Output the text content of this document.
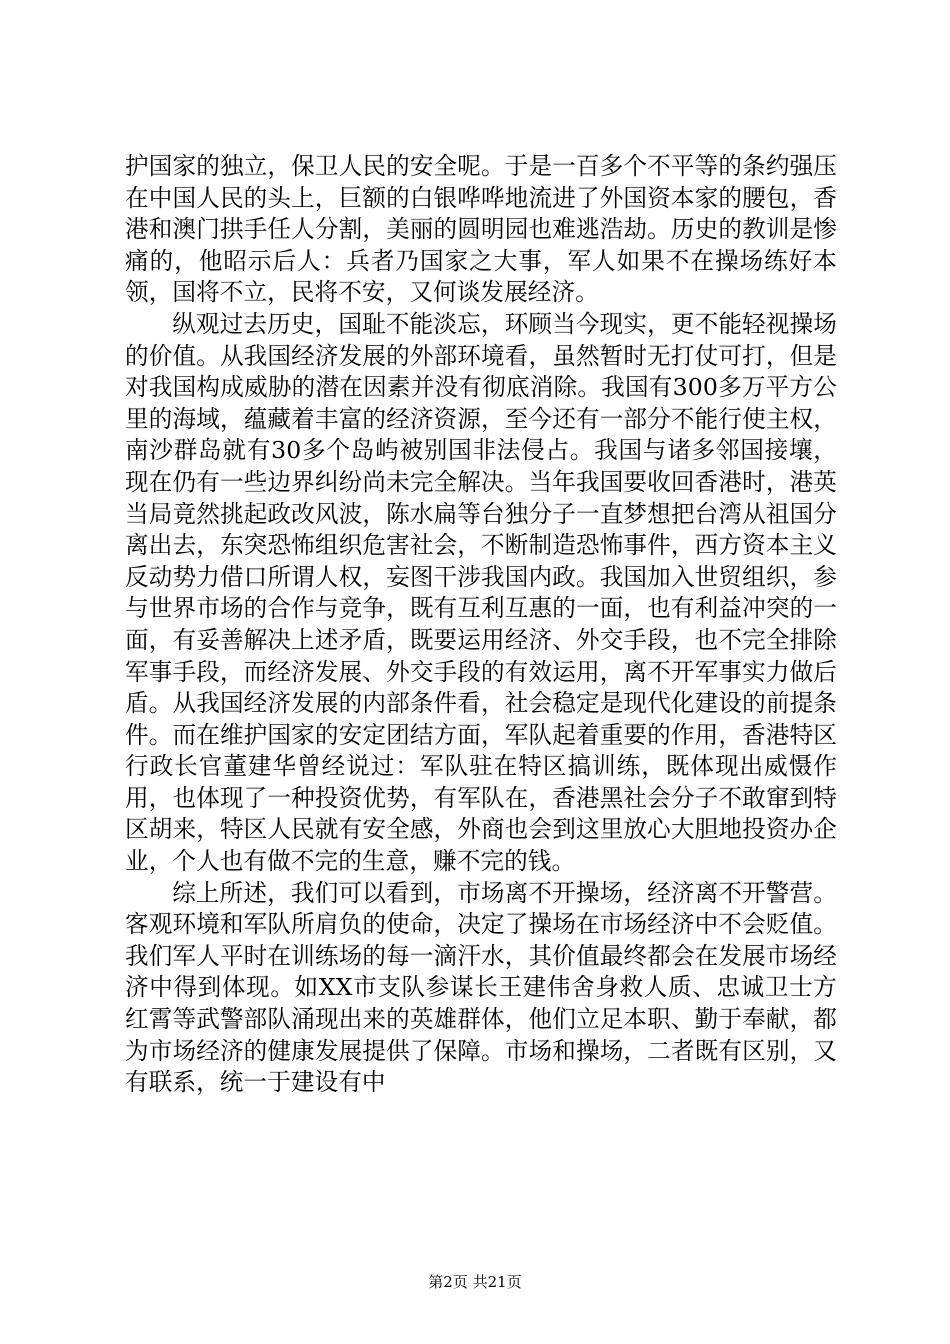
护国家的独立，保卫人民的安全呢。于是一百多个不平等的条约强压在中国人民的头上，巨额的白银哗哗地流进了外国资本家的腰包，香港和澳门拱手任人分割，美丽的圆明园也难逃浩劫。历史的教训是惨痛的，他昭示后人：兵者乃国家之大事，军人如果不在操场练好本领，国将不立，民将不安，又何谈发展经济。

纵观过去历史，国耻不能淡忘，环顾当今现实，更不能轻视操场的价值。从我国经济发展的外部环境看，虽然暂时无打仗可打，但是对我国构成威胁的潜在因素并没有彻底消除。我国有300多万平方公里的海域，蕴藏着丰富的经济资源，至今还有一部分不能行使主权，南沙群岛就有30多个岛屿被别国非法侵占。我国与诸多邻国接壤，现在仍有一些边界纠纷尚未完全解决。当年我国要收回香港时，港英当局竟然挑起政改风波，陈水扁等台独分子一直梦想把台湾从祖国分离出去，东突恐怖组织危害社会，不断制造恐怖事件，西方资本主义反动势力借口所谓人权，妄图干涉我国内政。我国加入世贸组织，参与世界市场的合作与竞争，既有互利互惠的一面，也有利益冲突的一面，有妥善解决上述矛盾，既要运用经济、外交手段，也不完全排除军事手段，而经济发展、外交手段的有效运用，离不开军事实力做后盾。从我国经济发展的内部条件看，社会稳定是现代化建设的前提条件。而在维护国家的安定团结方面，军队起着重要的作用，香港特区行政长官董建华曾经说过：军队驻在特区搞训练，既体现出威慑作用，也体现了一种投资优势，有军队在，香港黑社会分子不敢窜到特区胡来，特区人民就有安全感，外商也会到这里放心大胆地投资办企业，个人也有做不完的生意，赚不完的钱。

综上所述，我们可以看到，市场离不开操场，经济离不开警营。客观环境和军队所肩负的使命，决定了操场在市场经济中不会贬值。我们军人平时在训练场的每一滴汗水，其价值最终都会在发展市场经济中得到体现。如XX市支队参谋长王建伟舍身救人质、忠诚卫士方红霄等武警部队涌现出来的英雄群体，他们立足本职、勤于奉献，都为市场经济的健康发展提供了保障。市场和操场，二者既有区别，又有联系，统一于建设有中

第2页 共21页
